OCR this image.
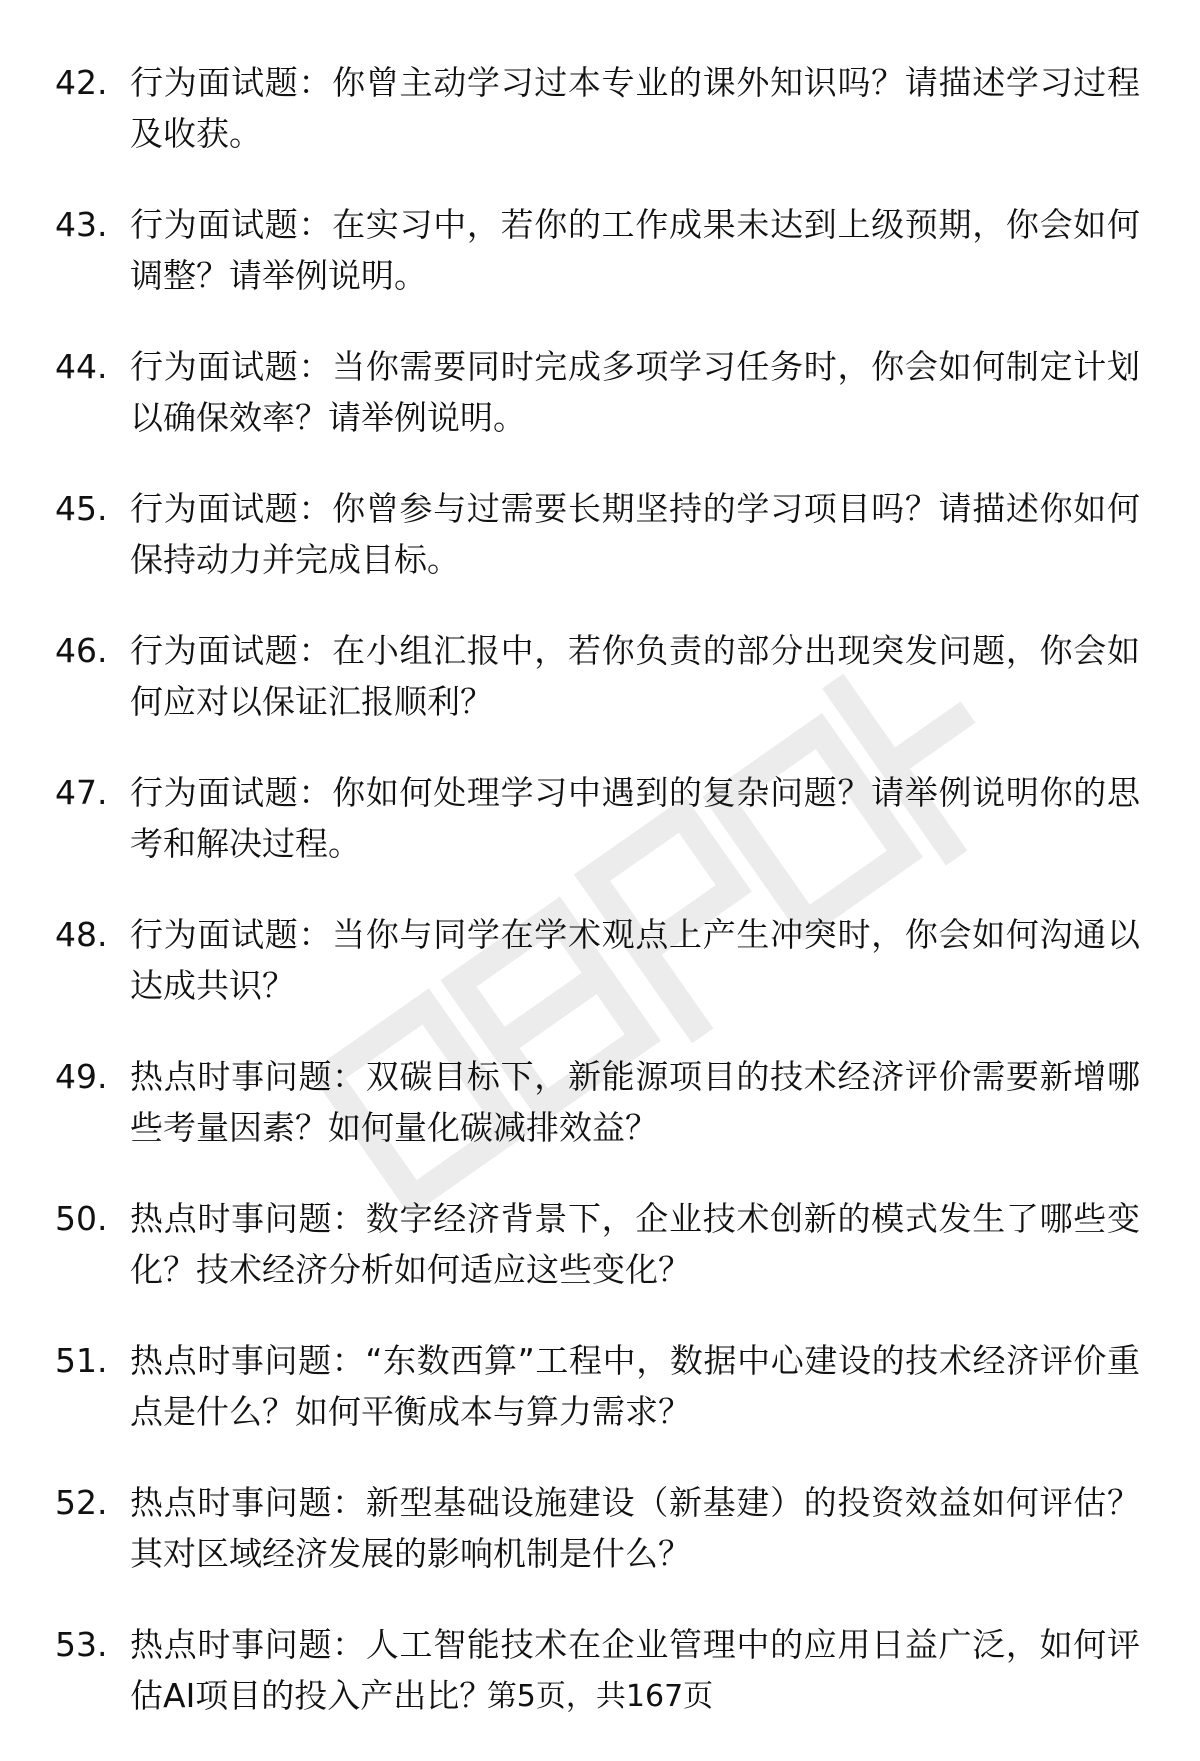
42. 行为面试题：你曾主动学习过本专业的课外知识吗？请描述学习过程及收获。
43. 行为面试题：在实习中，若你的工作成果未达到上级预期，你会如何调整？请举例说明。
44. 行为面试题：当你需要同时完成多项学习任务时，你会如何制定计划以确保效率？请举例说明。
45. 行为面试题：你曾参与过需要长期坚持的学习项目吗？请描述你如何保持动力并完成目标。
46. 行为面试题：在小组汇报中，若你负责的部分出现突发问题，你会如何应对以保证汇报顺利？
47. 行为面试题：你如何处理学习中遇到的复杂问题？请举例说明你的思考和解决过程。
48. 行为面试题：当你与同学在学术观点上产生冲突时，你会如何沟通以达成共识？
49. 热点时事问题：双碳目标下，新能源项目的技术经济评价需要新增哪些考量因素？如何量化碳减排效益？
50. 热点时事问题：数字经济背景下，企业技术创新的模式发生了哪些变化？技术经济分析如何适应这些变化？
51. 热点时事问题：“东数西算”工程中，数据中心建设的技术经济评价重点是什么？如何平衡成本与算力需求？
52. 热点时事问题：新型基础设施建设（新基建）的投资效益如何评估？其对区域经济发展的影响机制是什么？
53. 热点时事问题：人工智能技术在企业管理中的应用日益广泛，如何评估AI项目的投入产出比？
第5页，共167页
